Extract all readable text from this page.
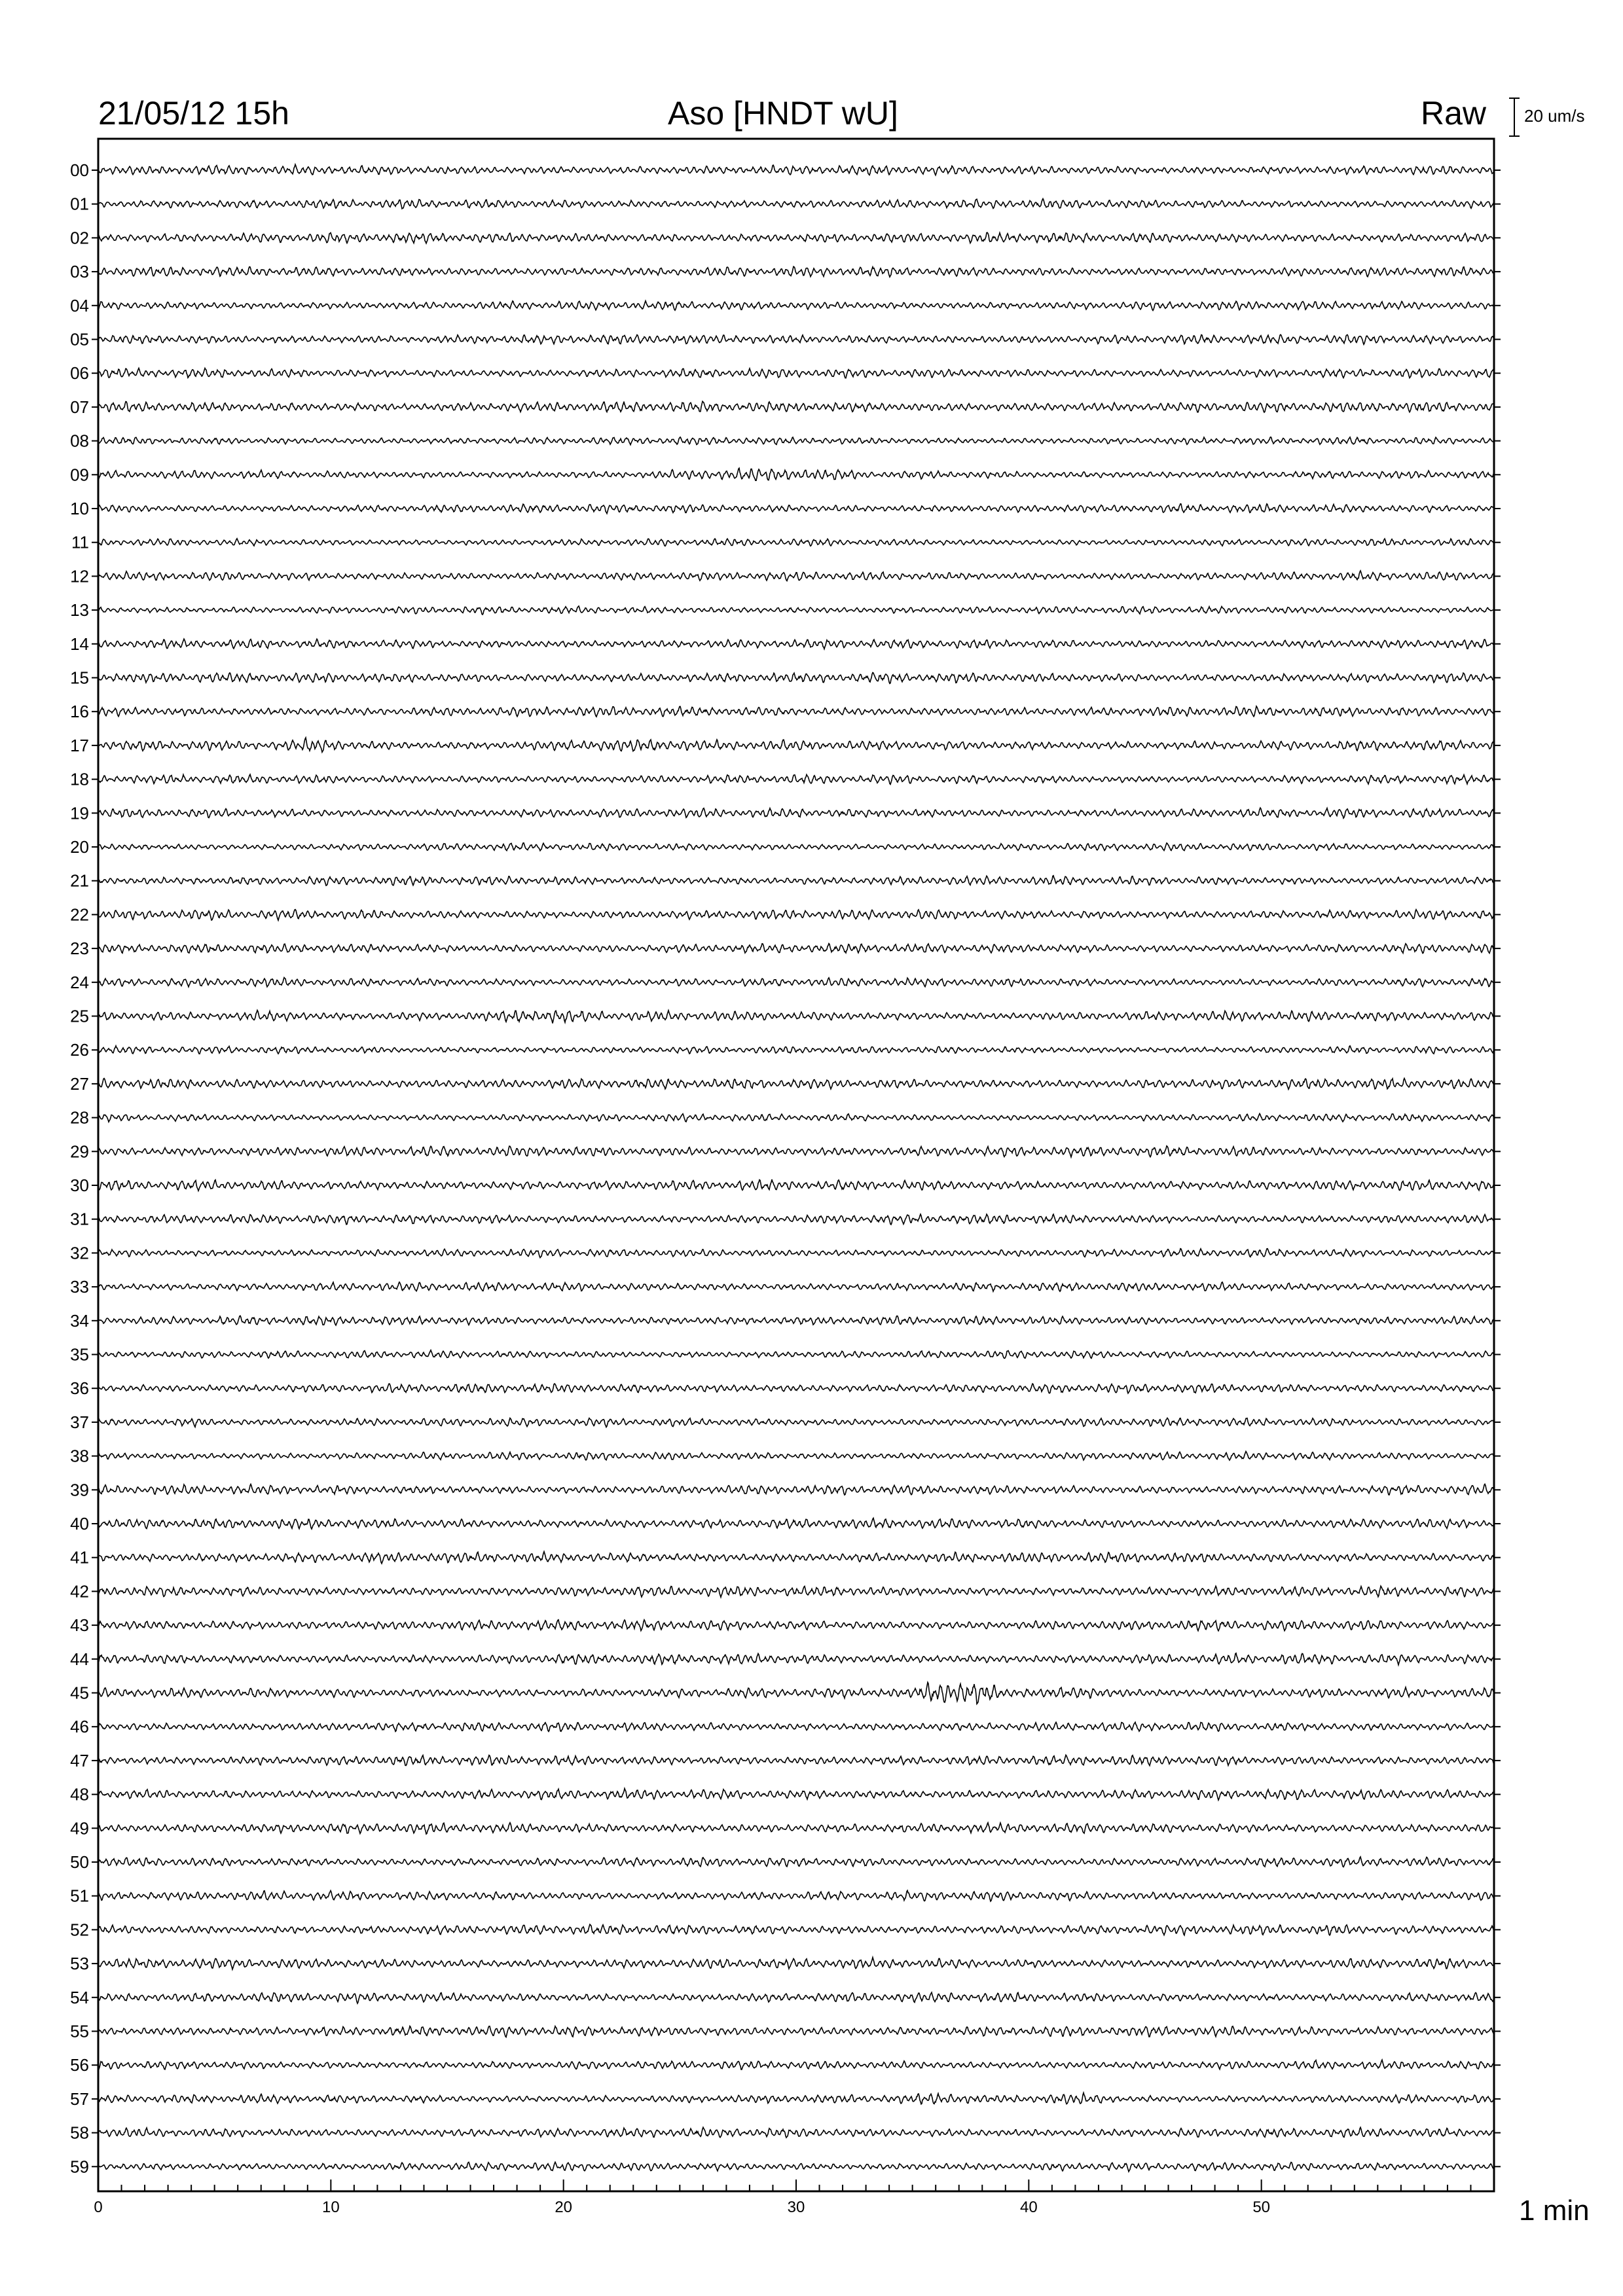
00
01
02
03
04
05
06
07
08
09
10
11
12
13
14
15
16
17
18
19
20
21
22
23
24
25
26
27
28
29
30
31
32
33
34
35
36
37
38
39
40
41
42
43
44
45
46
47
48
49
50
51
52
53
54
55
56
57
58
59
0	10	20	30	40	50
21/05/12 15h	Aso [HNDT wU]	Raw 20 um/s
1 min
